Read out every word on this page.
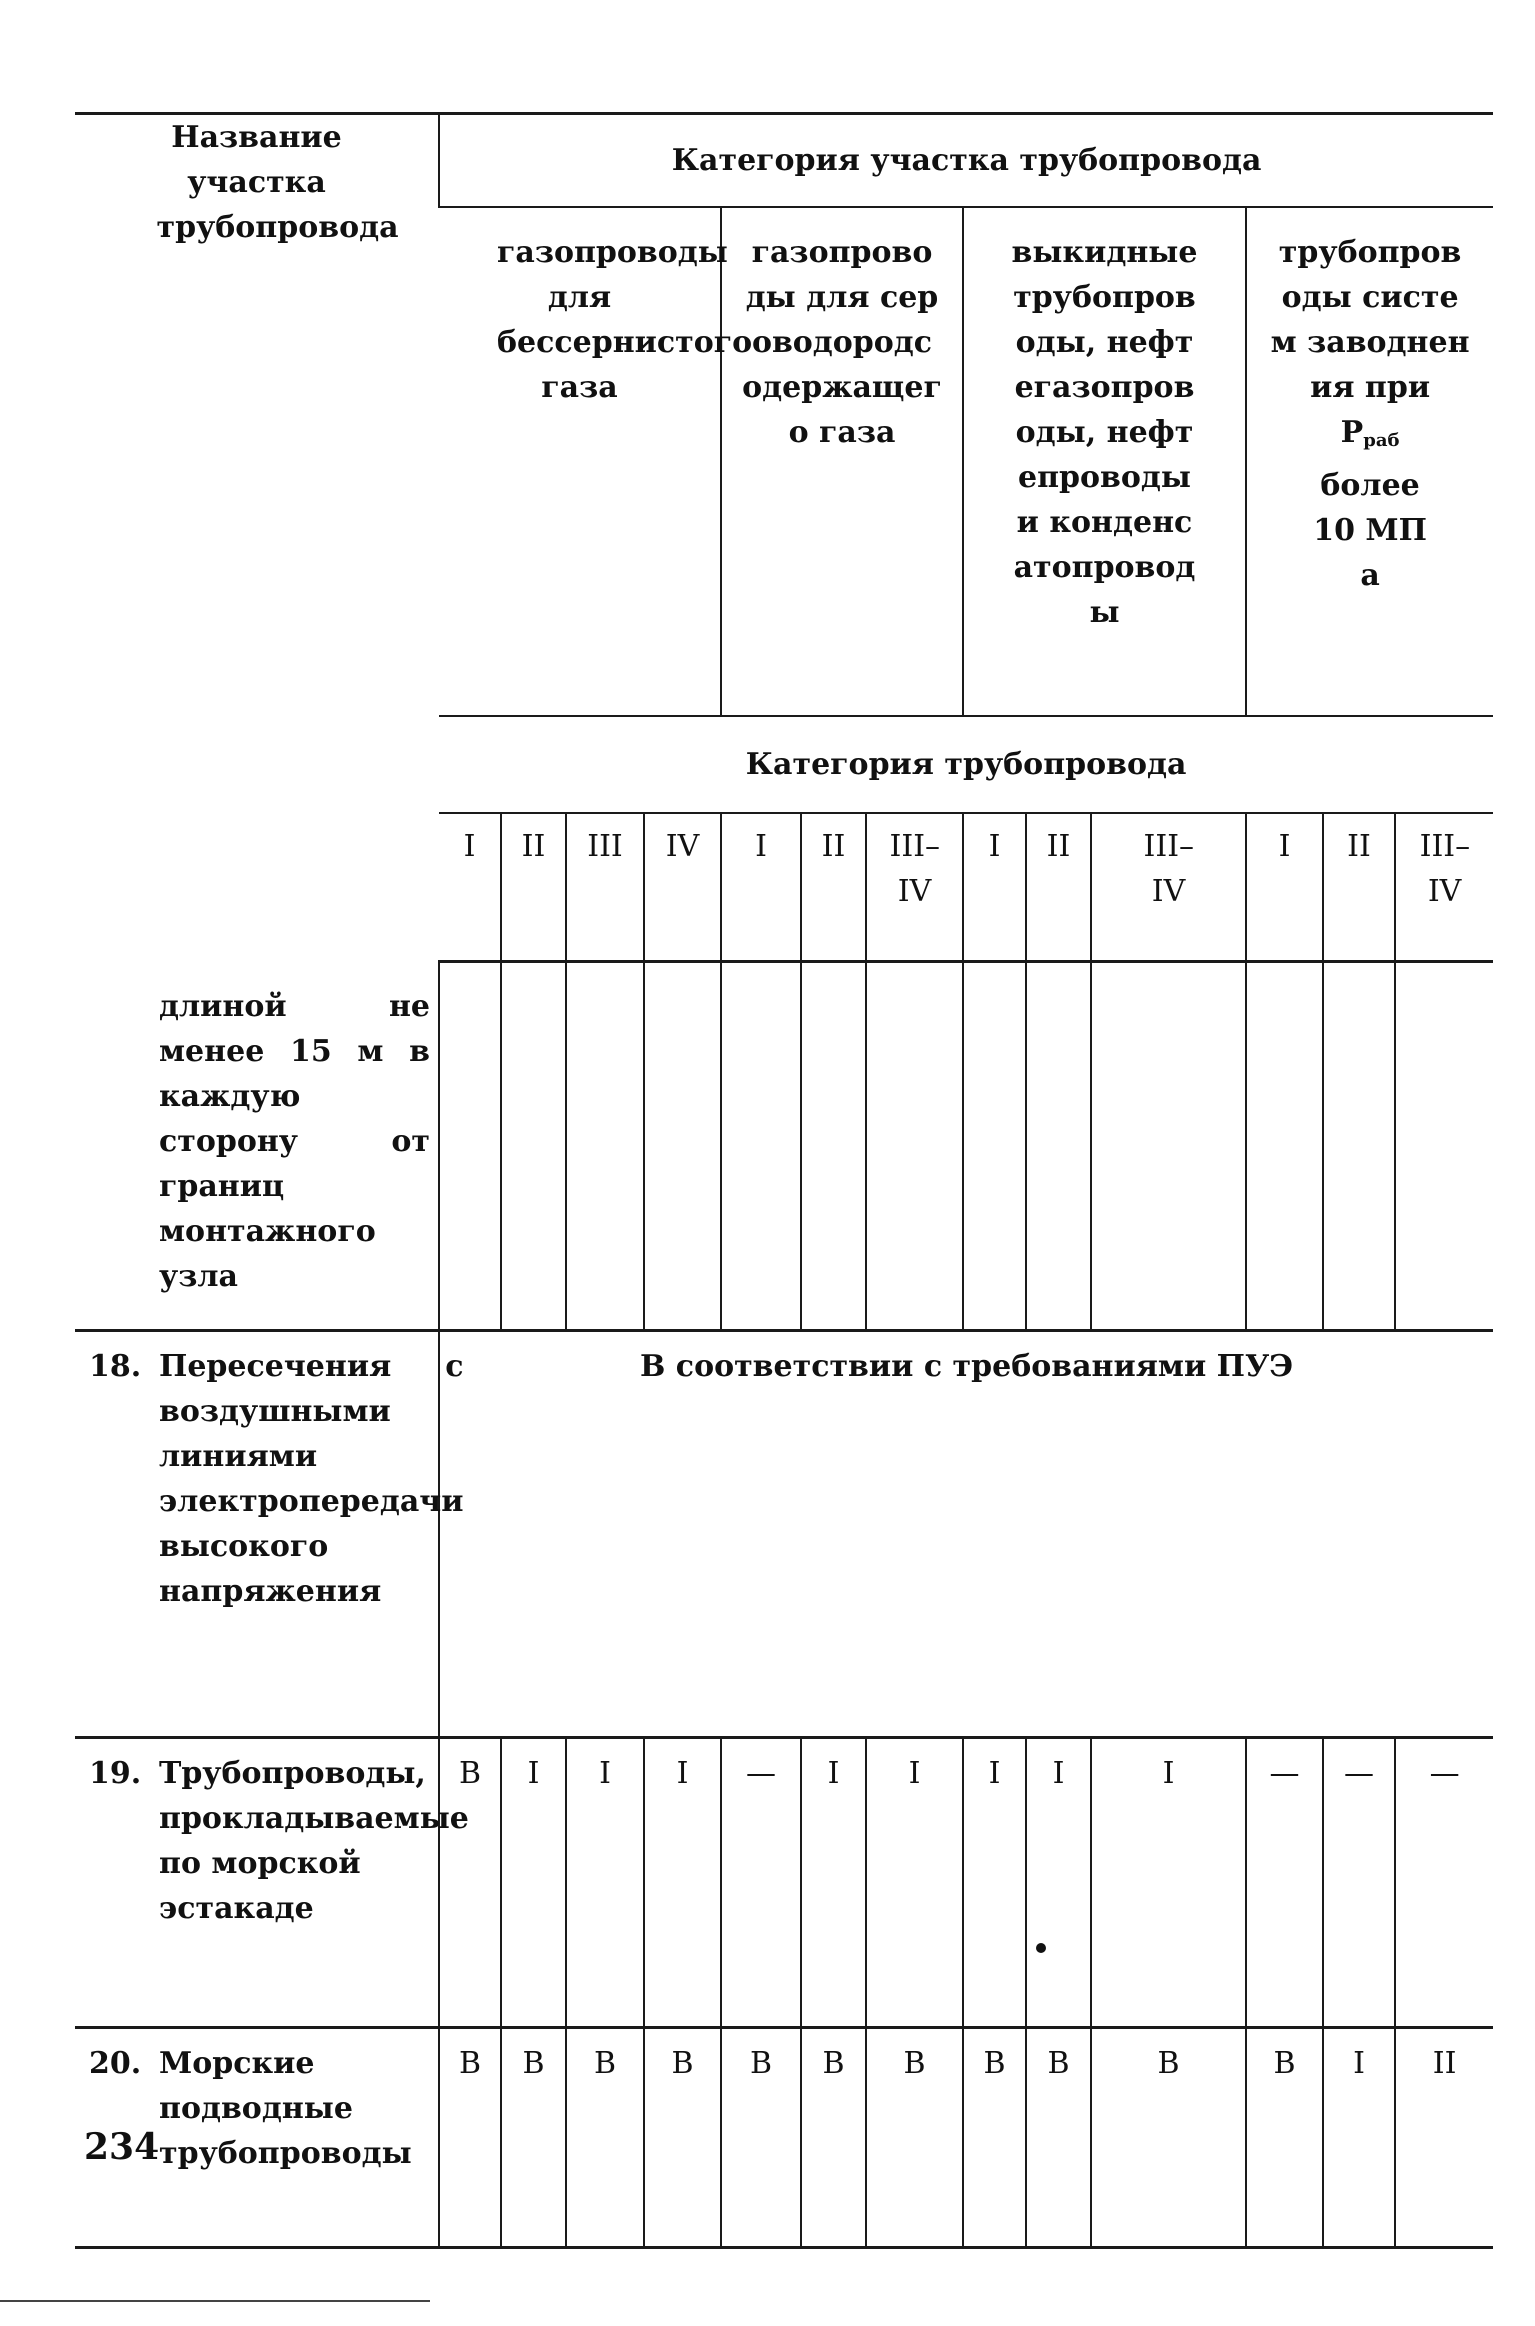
Название участка трубопровода	Категория участка трубопровода												

	газопроводы для бессернистого газа				газопроводы для сероводородсодержащего газа			выкидные трубопроводы, нефтегазопроводы, нефтепроводы и конденсатопроводы			трубопроводы систем заводнения при
Pраб
более 10 МПа		

	Категория трубопровода												
	I	II	III	IV	I	II	III–IV	I	II	III–IV	I	II	III–IV

длиной не менее 15 м в каждую сторону от границ монтажного узла													

18. Пересечения с воздушными линиями электропередачи высокого напряжения	В соответствии с требованиями ПУЭ												

19. Трубопроводы, прокладываемые по морской эстакаде	В	I	I	I	—	I	I	I	I	I	—	—	—

20. Морские подводные трубопроводы	В	В	В	В	В	В	В	В	В	В	В	I	II
234
